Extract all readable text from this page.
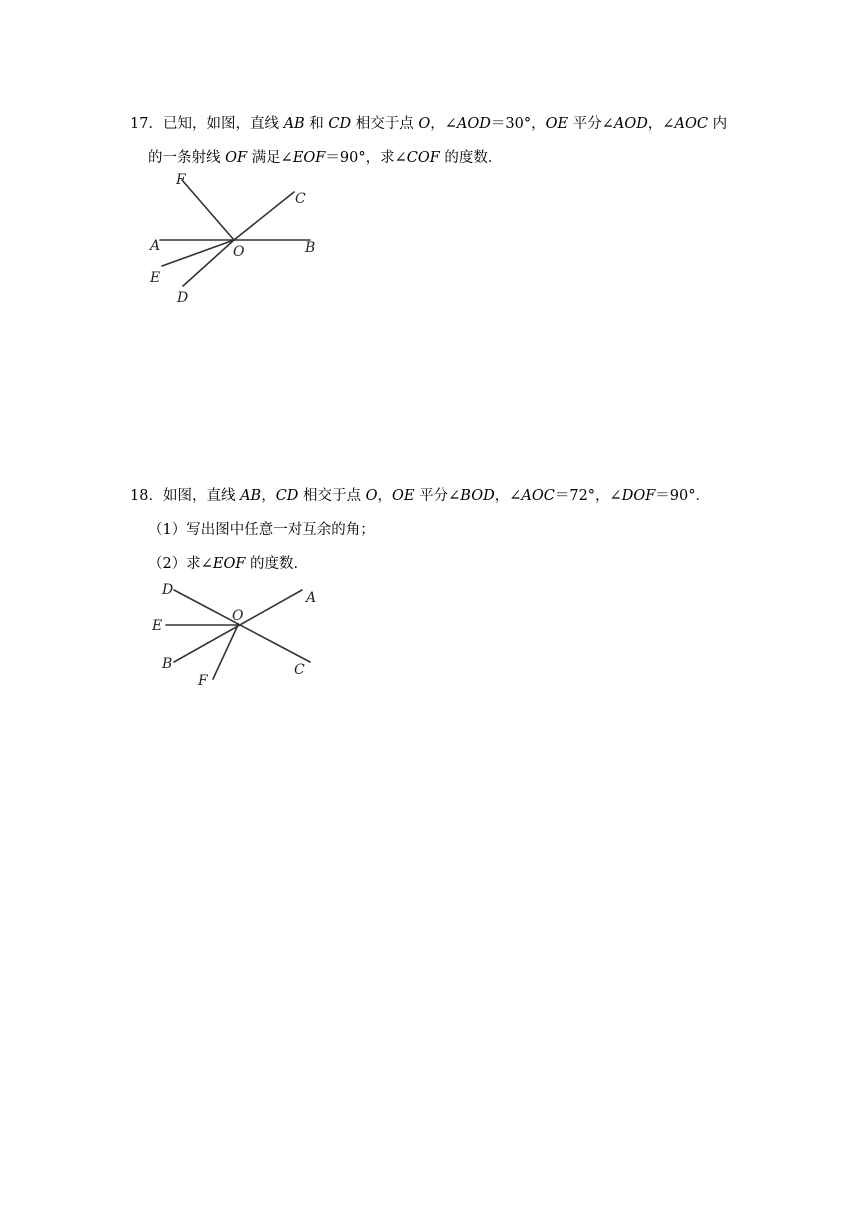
17．已知，如图，直线 AB 和 CD 相交于点 O，∠AOD＝30°，OE 平分∠AOD，∠AOC 内
的一条射线 OF 满足∠EOF＝90°，求∠COF 的度数．
F
C
A	O	B
E
D
18．如图，直线 AB，CD 相交于点 O，OE 平分∠BOD，∠AOC＝72°，∠DOF＝90°．
（1）写出图中任意一对互余的角；
（2）求∠EOF 的度数．
D	A
O
E
B	C
F
